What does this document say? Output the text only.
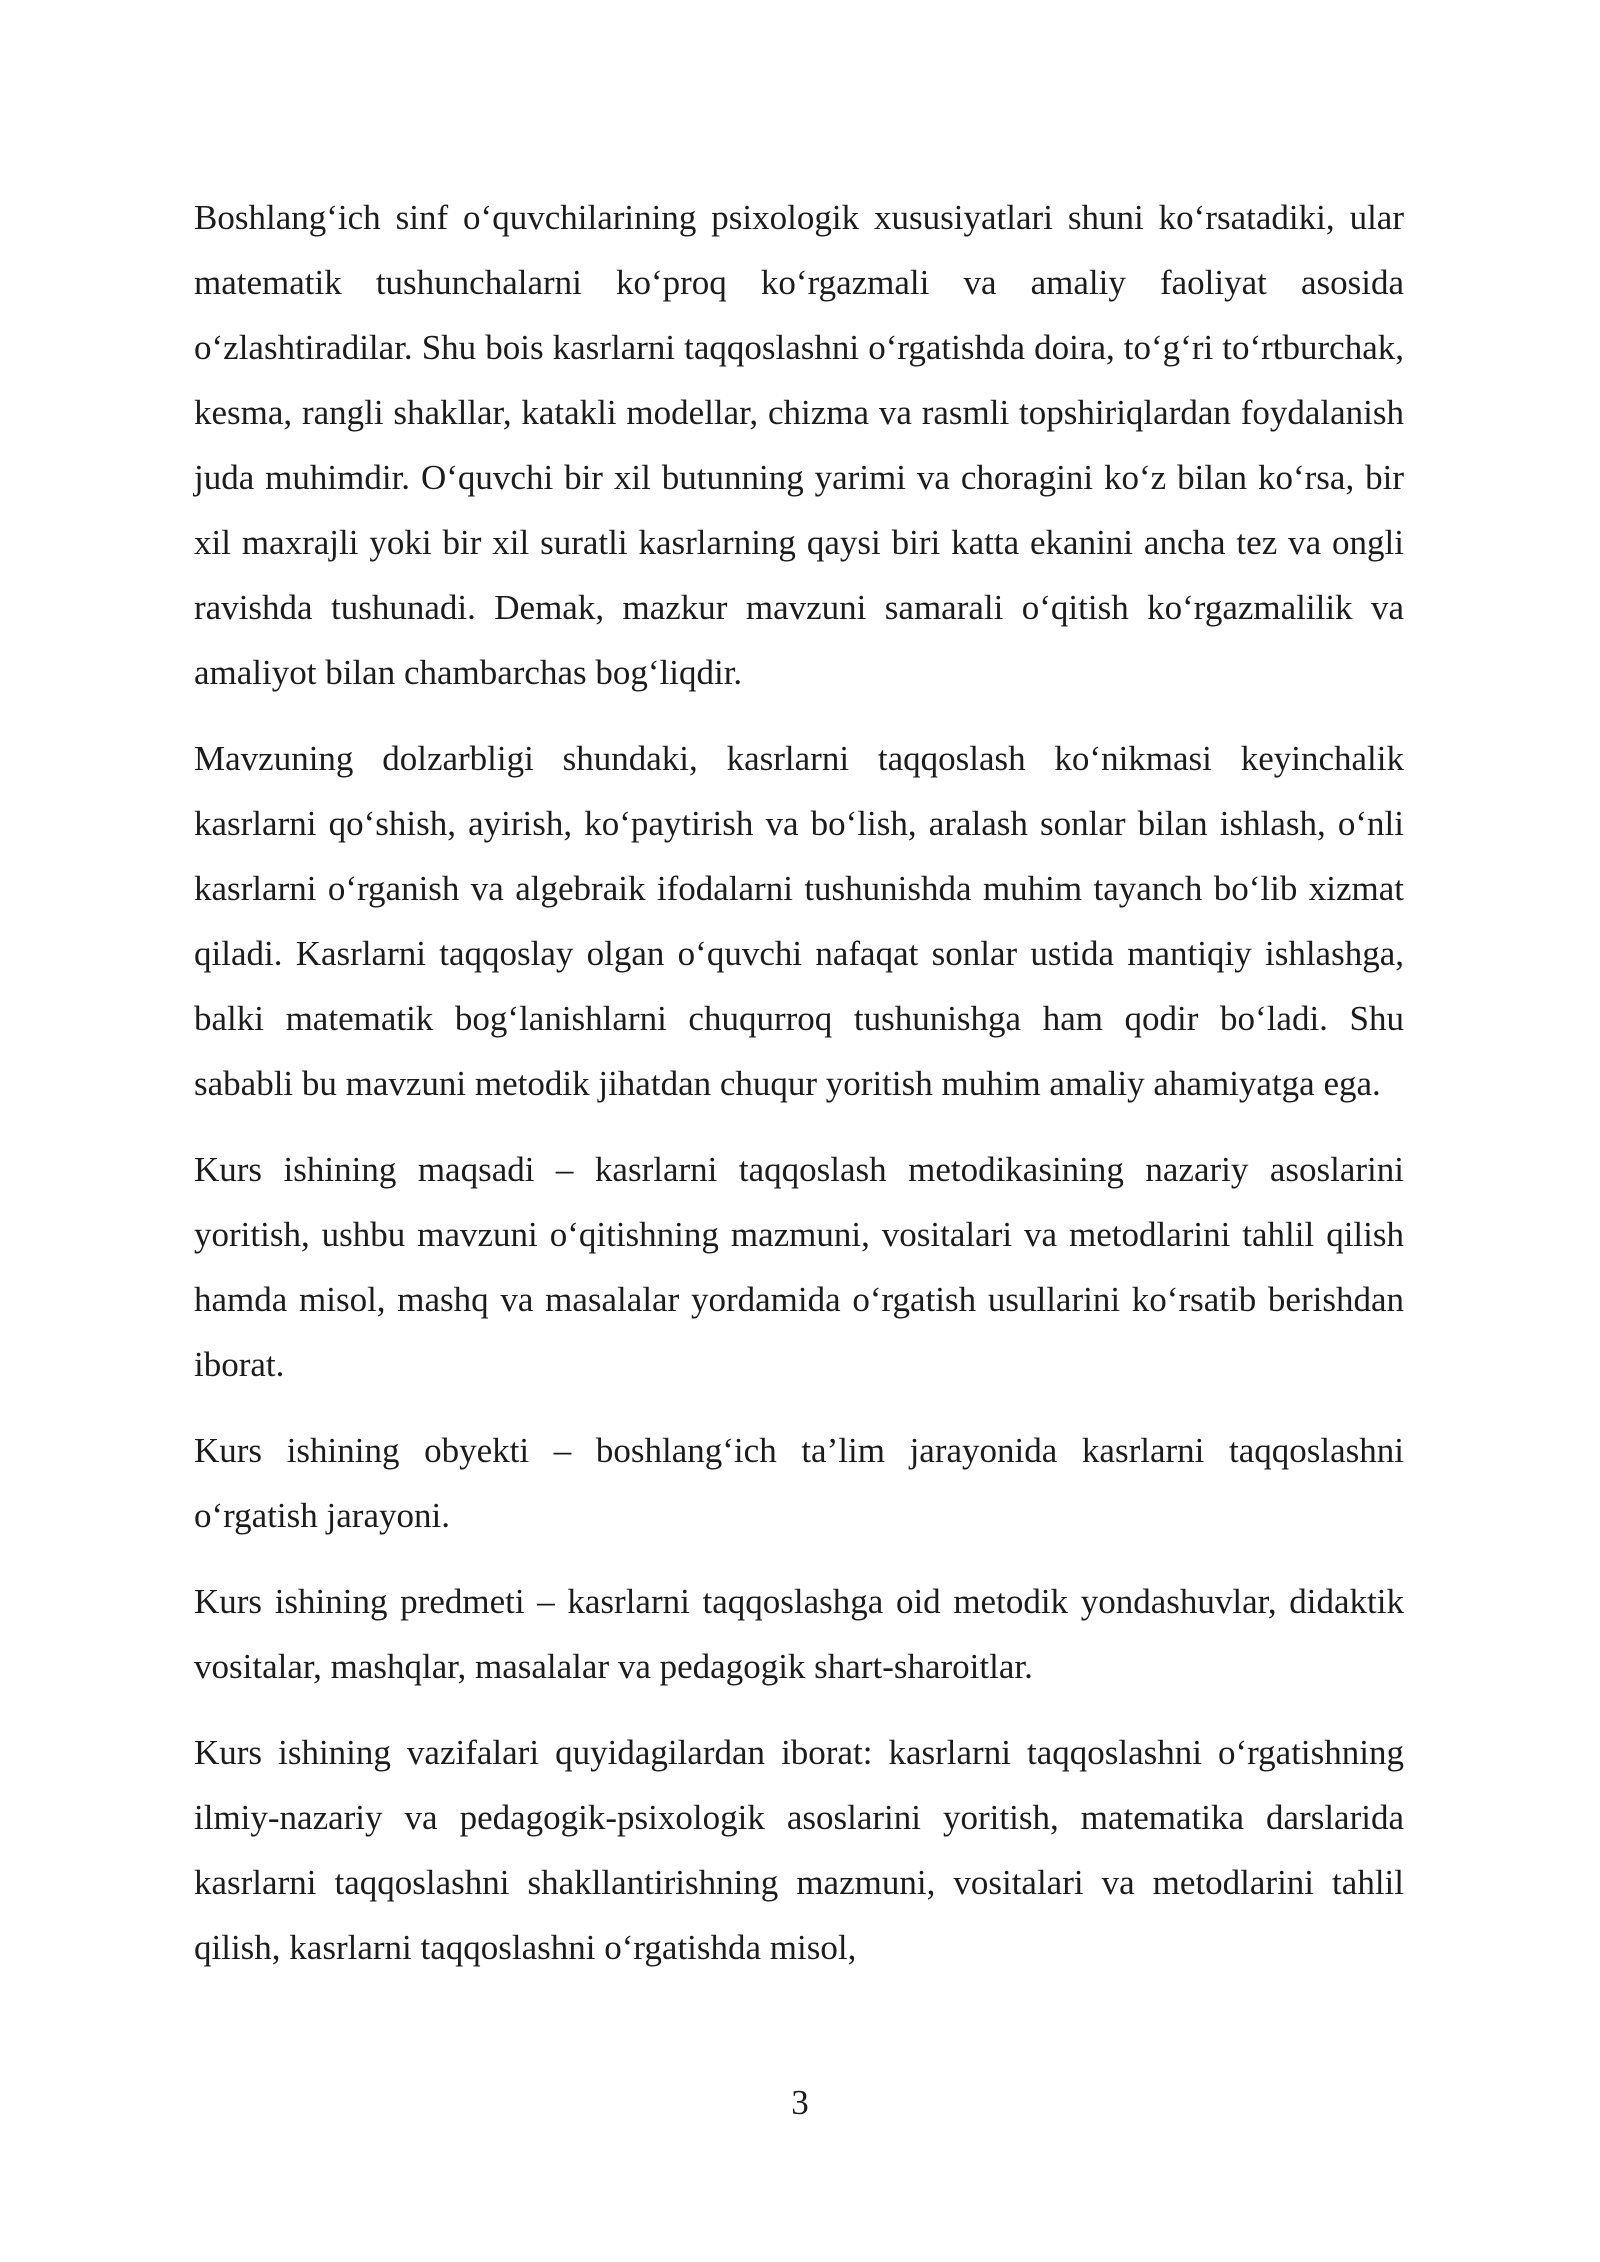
Boshlang‘ich sinf o‘quvchilarining psixologik xususiyatlari shuni ko‘rsatadiki, ular matematik tushunchalarni ko‘proq ko‘rgazmali va amaliy faoliyat asosida o‘zlashtiradilar. Shu bois kasrlarni taqqoslashni o‘rgatishda doira, to‘g‘ri to‘rtburchak, kesma, rangli shakllar, katakli modellar, chizma va rasmli topshiriqlardan foydalanish juda muhimdir. O‘quvchi bir xil butunning yarimi va choragini ko‘z bilan ko‘rsa, bir xil maxrajli yoki bir xil suratli kasrlarning qaysi biri katta ekanini ancha tez va ongli ravishda tushunadi. Demak, mazkur mavzuni samarali o‘qitish ko‘rgazmalilik va amaliyot bilan chambarchas bog‘liqdir.

Mavzuning dolzarbligi shundaki, kasrlarni taqqoslash ko‘nikmasi keyinchalik kasrlarni qo‘shish, ayirish, ko‘paytirish va bo‘lish, aralash sonlar bilan ishlash, o‘nli kasrlarni o‘rganish va algebraik ifodalarni tushunishda muhim tayanch bo‘lib xizmat qiladi. Kasrlarni taqqoslay olgan o‘quvchi nafaqat sonlar ustida mantiqiy ishlashga, balki matematik bog‘lanishlarni chuqurroq tushunishga ham qodir bo‘ladi. Shu sababli bu mavzuni metodik jihatdan chuqur yoritish muhim amaliy ahamiyatga ega.

Kurs ishining maqsadi – kasrlarni taqqoslash metodikasining nazariy asoslarini yoritish, ushbu mavzuni o‘qitishning mazmuni, vositalari va metodlarini tahlil qilish hamda misol, mashq va masalalar yordamida o‘rgatish usullarini ko‘rsatib berishdan iborat.

Kurs ishining obyekti – boshlang‘ich ta’lim jarayonida kasrlarni taqqoslashni o‘rgatish jarayoni.

Kurs ishining predmeti – kasrlarni taqqoslashga oid metodik yondashuvlar, didaktik vositalar, mashqlar, masalalar va pedagogik shart-sharoitlar.

Kurs ishining vazifalari quyidagilardan iborat: kasrlarni taqqoslashni o‘rgatishning ilmiy-nazariy va pedagogik-psixologik asoslarini yoritish, matematika darslarida kasrlarni taqqoslashni shakllantirishning mazmuni, vositalari va metodlarini tahlil qilish, kasrlarni taqqoslashni o‘rgatishda misol,

3
